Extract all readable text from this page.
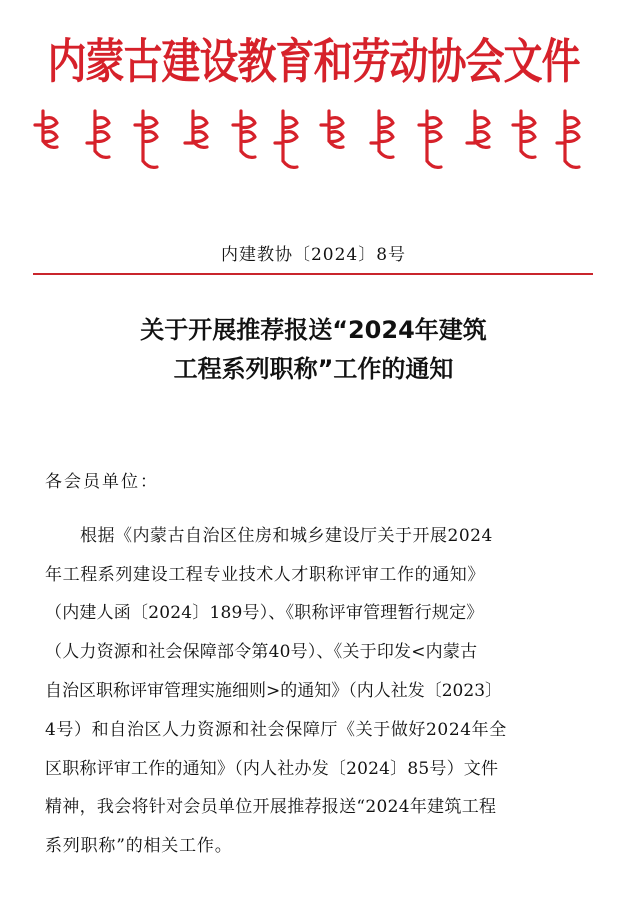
内蒙古建设教育和劳动协会文件
内建教协〔2024〕8号
关于开展推荐报送“2024年建筑
工程系列职称”工作的通知
各会员单位：
　　根据《内蒙古自治区住房和城乡建设厅关于开展2024
年工程系列建设工程专业技术人才职称评审工作的通知》
（内建人函〔2024〕189号）、《职称评审管理暂行规定》
（人力资源和社会保障部令第40号）、《关于印发<内蒙古
自治区职称评审管理实施细则>的通知》（内人社发〔2023〕
4号）和自治区人力资源和社会保障厅《关于做好2024年全
区职称评审工作的通知》（内人社办发〔2024〕85号）文件
精神，我会将针对会员单位开展推荐报送“2024年建筑工程
系列职称”的相关工作。
